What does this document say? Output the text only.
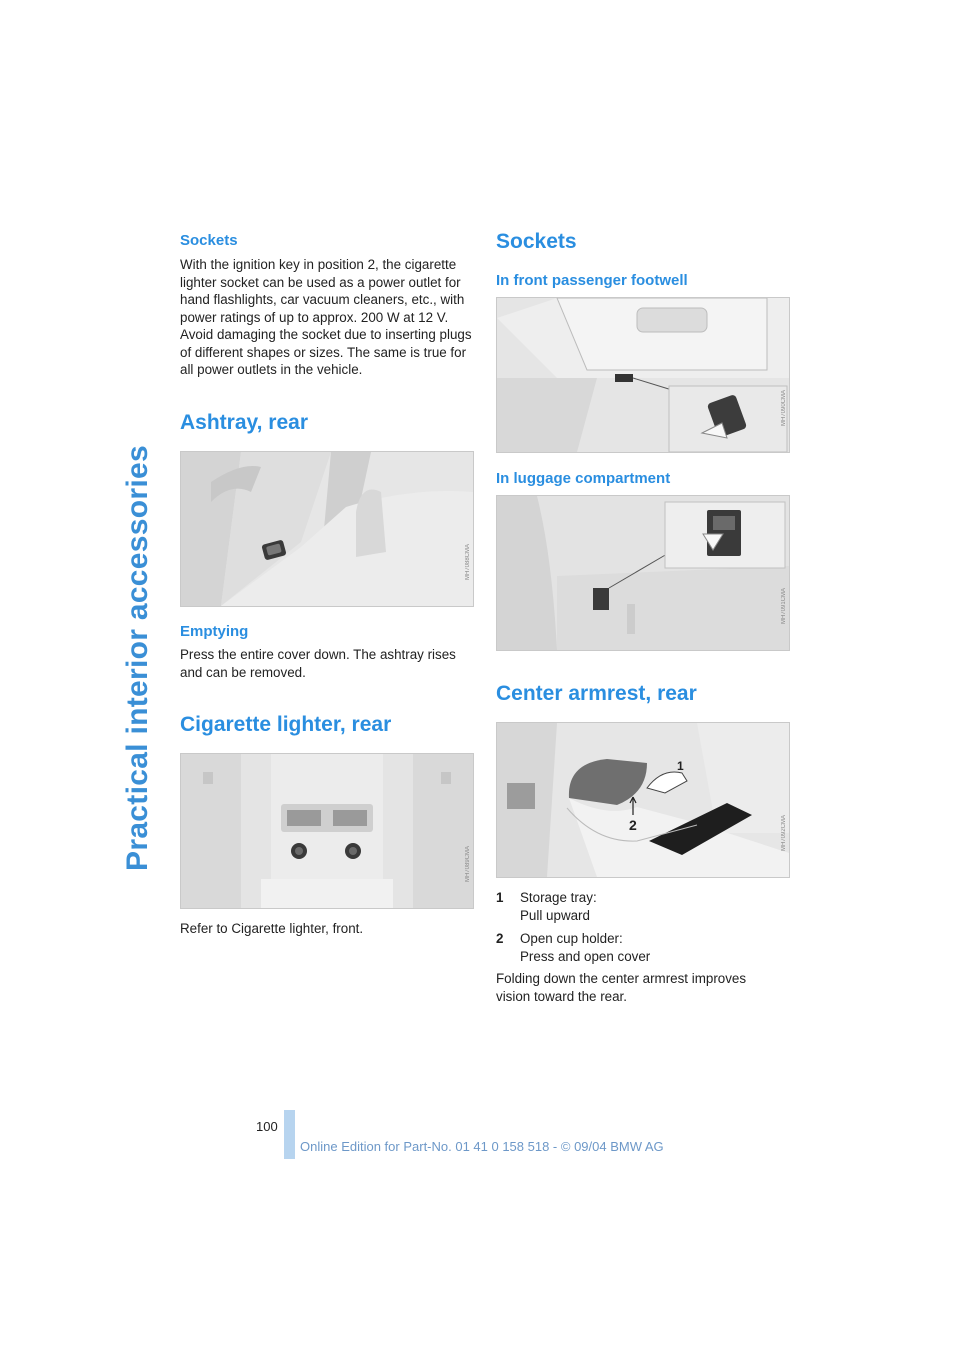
Practical interior accessories
Sockets

With the ignition key in position 2, the cigarette lighter socket can be used as a power outlet for hand flashlights, car vacuum cleaners, etc., with power ratings of up to approx. 200 W at 12 V. Avoid damaging the socket due to inserting plugs of different shapes or sizes. The same is true for all power outlets in the vehicle.

Ashtray, rear
MH7088CMA
Emptying

Press the entire cover down. The ashtray rises and can be removed.

Cigarette lighter, rear
MH7089CMA

Refer to Cigarette lighter, front.

Sockets
In front passenger footwell
MH7090CMA
In luggage compartment
MH7091CMA
Center armrest, rear
1
2	MH7092CMA
1 Storage tray:
Pull upward
2 Open cup holder:
Press and open cover

Folding down the center armrest improves vision toward the rear.

100
Online Edition for Part-No. 01 41 0 158 518 - © 09/04 BMW AG
